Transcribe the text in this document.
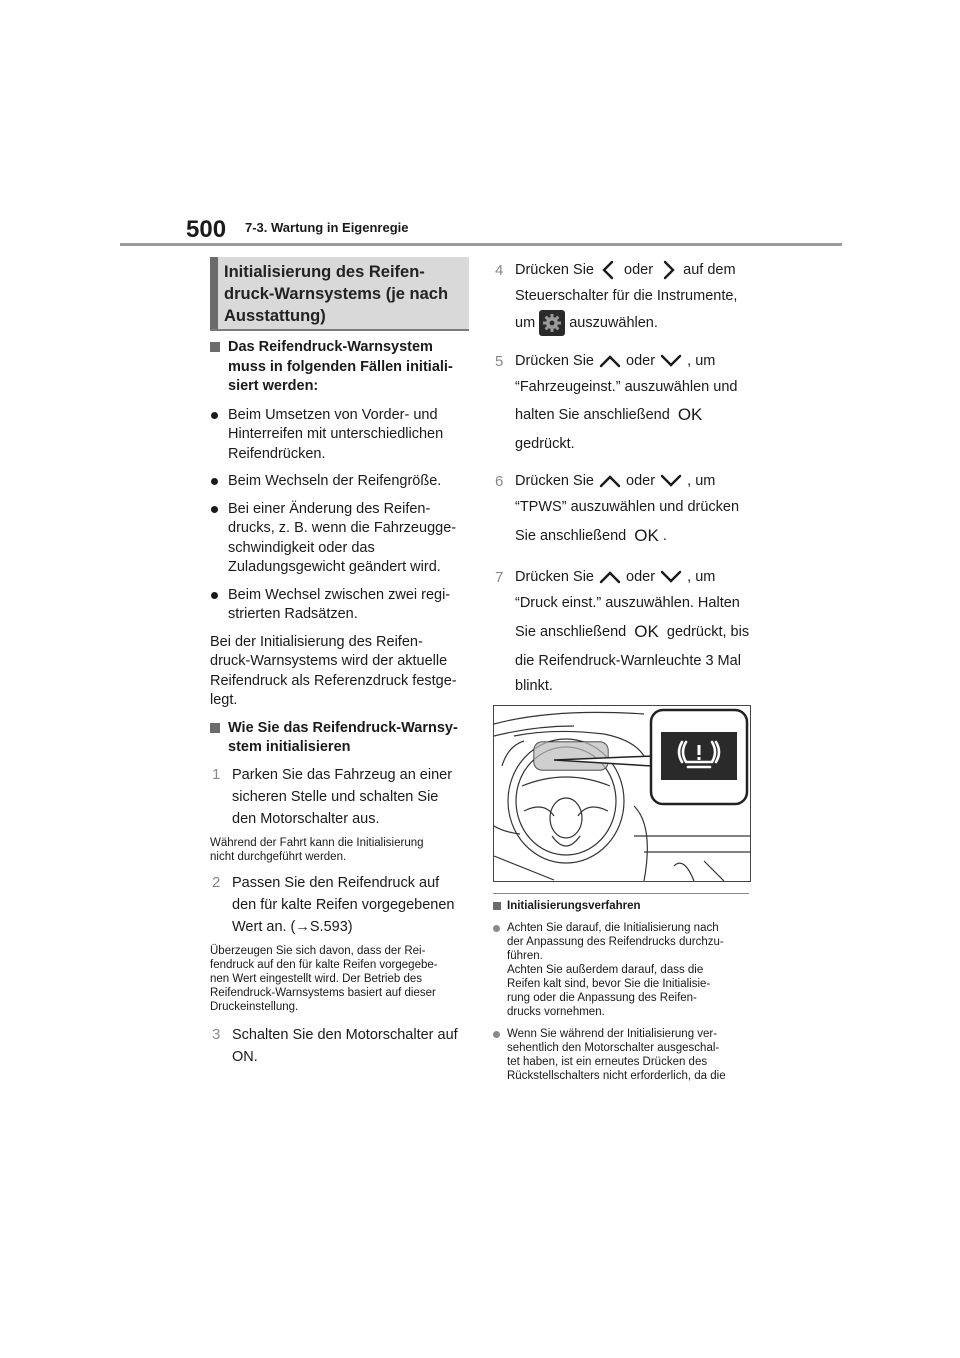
500 7-3. Wartung in Eigenregie
Initialisierung des Reifen-
druck-Warnsystems (je nach
Ausstattung)
Das Reifendruck-Warnsystem
muss in folgenden Fällen initiali-
siert werden:
Beim Umsetzen von Vorder- und
Hinterreifen mit unterschiedlichen
Reifendrücken.
Beim Wechseln der Reifengröße.
Bei einer Änderung des Reifen-
drucks, z. B. wenn die Fahrzeugge-
schwindigkeit oder das
Zuladungsgewicht geändert wird.
Beim Wechsel zwischen zwei regi-
strierten Radsätzen.
Bei der Initialisierung des Reifen-
druck-Warnsystems wird der aktuelle
Reifendruck als Referenzdruck festge-
legt.
Wie Sie das Reifendruck-Warnsy-
stem initialisieren
1 Parken Sie das Fahrzeug an einer
sicheren Stelle und schalten Sie
den Motorschalter aus.
Während der Fahrt kann die Initialisierung
nicht durchgeführt werden.
2 Passen Sie den Reifendruck auf
den für kalte Reifen vorgegebenen
Wert an. (→S.593)
Überzeugen Sie sich davon, dass der Rei-
fendruck auf den für kalte Reifen vorgegebe-
nen Wert eingestellt wird. Der Betrieb des
Reifendruck-Warnsystems basiert auf dieser
Druckeinstellung.
3 Schalten Sie den Motorschalter auf
ON.
4 Drücken Sie oder auf dem
Steuerschalter für die Instrumente,
um auszuwählen.
5 Drücken Sie oder , um
“Fahrzeugeinst.” auszuwählen und
halten Sie anschließend OK
gedrückt.
6 Drücken Sie oder , um
“TPWS” auszuwählen und drücken
Sie anschließend OK .
7 Drücken Sie oder , um
“Druck einst.” auszuwählen. Halten
Sie anschließend OK gedrückt, bis
die Reifendruck-Warnleuchte 3 Mal
blinkt.
Initialisierungsverfahren
Achten Sie darauf, die Initialisierung nach
der Anpassung des Reifendrucks durchzu-
führen.
Achten Sie außerdem darauf, dass die
Reifen kalt sind, bevor Sie die Initialisie-
rung oder die Anpassung des Reifen-
drucks vornehmen.
Wenn Sie während der Initialisierung ver-
sehentlich den Motorschalter ausgeschal-
tet haben, ist ein erneutes Drücken des
Rückstellschalters nicht erforderlich, da die
